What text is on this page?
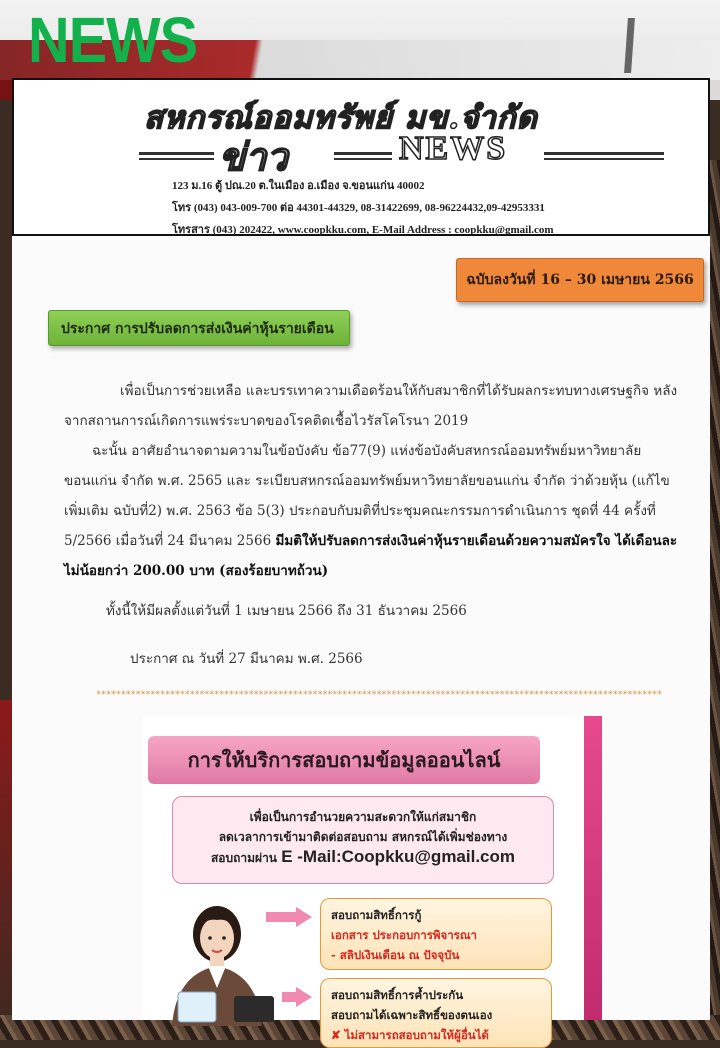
NEWS
สหกรณ์ออมทรัพย์ มข.จำกัด
ข่าว	NEWS
123 ม.16 ตู้ ปณ.20 ต.ในเมือง อ.เมือง จ.ขอนแก่น 40002
โทร (043) 043-009-700 ต่อ 44301-44329, 08-31422699, 08-96224432,09-42953331
โทรสาร (043) 202422, www.coopkku.com, E-Mail Address : coopkku@gmail.com
ฉบับลงวันที่ 16 – 30 เมษายน 2566
ประกาศ การปรับลดการส่งเงินค่าหุ้นรายเดือน
เพื่อเป็นการช่วยเหลือ และบรรเทาความเดือดร้อนให้กับสมาชิกที่ได้รับผลกระทบทางเศรษฐกิจ หลังจากสถานการณ์เกิดการแพร่ระบาดของโรคติดเชื้อไวรัสโคโรนา 2019
ฉะนั้น อาศัยอำนาจตามความในข้อบังคับ ข้อ77(9) แห่งข้อบังคับสหกรณ์ออมทรัพย์มหาวิทยาลัยขอนแก่น จำกัด พ.ศ. 2565 และ ระเบียบสหกรณ์ออมทรัพย์มหาวิทยาลัยขอนแก่น จำกัด ว่าด้วยหุ้น (แก้ไขเพิ่มเติม ฉบับที่2) พ.ศ. 2563 ข้อ 5(3) ประกอบกับมติที่ประชุมคณะกรรมการดำเนินการ ชุดที่ 44 ครั้งที่ 5/2566 เมื่อวันที่ 24 มีนาคม 2566 มีมติให้ปรับลดการส่งเงินค่าหุ้นรายเดือนด้วยความสมัครใจ ได้เดือนละไม่น้อยกว่า 200.00 บาท (สองร้อยบาทถ้วน)
ทั้งนี้ให้มีผลตั้งแต่วันที่ 1 เมษายน 2566 ถึง 31 ธันวาคม 2566
ประกาศ ณ วันที่ 27 มีนาคม พ.ศ. 2566
*******************************************************************************************************************
การให้บริการสอบถามข้อมูลออนไลน์
เพื่อเป็นการอำนวยความสะดวกให้แก่สมาชิก
ลดเวลาการเข้ามาติดต่อสอบถาม สหกรณ์ได้เพิ่มช่องทาง
สอบถามผ่าน E -Mail:Coopkku@gmail.com
สอบถามสิทธิ์การกู้
เอกสาร ประกอบการพิจารณา
- สลิปเงินเดือน ณ ปัจจุบัน
สอบถามสิทธิ์การค้ำประกัน
สอบถามได้เฉพาะสิทธิ์ของตนเอง
✘ ไม่สามารถสอบถามให้ผู้อื่นได้
